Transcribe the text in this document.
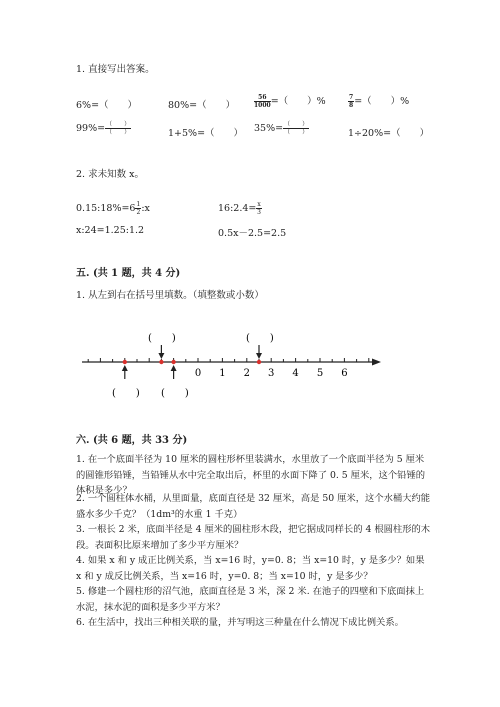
1. 直接写出答案。
6%=（　　）	80%=（　　）	$\frac{56}{1000}$ =（　　）%	$\frac{7}{8}$ =（　　）%
$99\%= \frac{( )}{( )}$	1+5%=（　　） $35\%= \frac{( )}{( )}$	1÷20%=（　　）
2. 求未知数 x。
0.15:18%=6 $\frac{1}{2}$ :x	16:2.4= $\frac{x}{3}$
x:24=1.25:1.2	0.5x－2.5=2.5
五. (共 1 题，共 4 分)
1. 从左到右在括号里填数。（填整数或小数）
0 1 2 3 4 5 6
(　　)	(　　)
(　　) (　　)
六. (共 6 题，共 33 分)
1. 在一个底面半径为 10 厘米的圆柱形杯里装满水，水里放了一个底面半径为 5 厘米的圆锥形铅锤，当铅锤从水中完全取出后，杯里的水面下降了 0. 5 厘米，这个铅锤的体积是多少？
2. 一个圆柱体水桶，从里面量，底面直径是 32 厘米，高是 50 厘米，这个水桶大约能盛水多少千克？（1dm³的水重 1 千克）
3. 一根长 2 米，底面半径是 4 厘米的圆柱形木段，把它据成同样长的 4 根圆柱形的木段。表面积比原来增加了多少平方厘米？
4. 如果 x 和 y 成正比例关系，当 x=16 时，y=0. 8；当 x=10 时，y 是多少？如果 x 和 y 成反比例关系，当 x=16 时，y=0. 8；当 x=10 时，y 是多少？
5. 修建一个圆柱形的沼气池，底面直径是 3 米，深 2 米. 在池子的四壁和下底面抹上水泥，抹水泥的面积是多少平方米？
6. 在生活中，找出三种相关联的量，并写明这三种量在什么情况下成比例关系。
